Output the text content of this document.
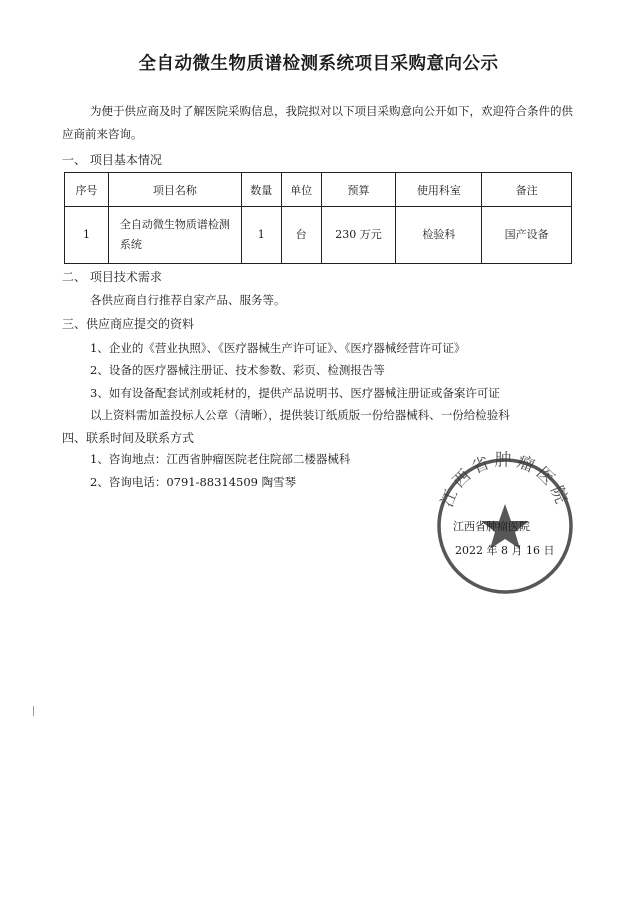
全自动微生物质谱检测系统项目采购意向公示
为便于供应商及时了解医院采购信息，我院拟对以下项目采购意向公开如下，欢迎符合条件的供应商前来咨询。
一、 项目基本情况
序号	项目名称	数量	单位	预算	使用科室	备注
1	全自动微生物质谱检测系统	1	台	230 万元	检验科	国产设备
二、 项目技术需求
各供应商自行推荐自家产品、服务等。
三、供应商应提交的资料
1、企业的《营业执照》、《医疗器械生产许可证》、《医疗器械经营许可证》
2、设备的医疗器械注册证、技术参数、彩页、检测报告等
3、如有设备配套试剂或耗材的，提供产品说明书、医疗器械注册证或备案许可证
以上资料需加盖投标人公章（清晰），提供装订纸质版一份给器械科、一份给检验科
四、联系时间及联系方式
1、咨询地点：江西省肿瘤医院老住院部二楼器械科
2、咨询电话：0791-88314509 陶雪琴
江西省肿瘤医院
江西省肿瘤医院
2022 年 8 月 16 日
